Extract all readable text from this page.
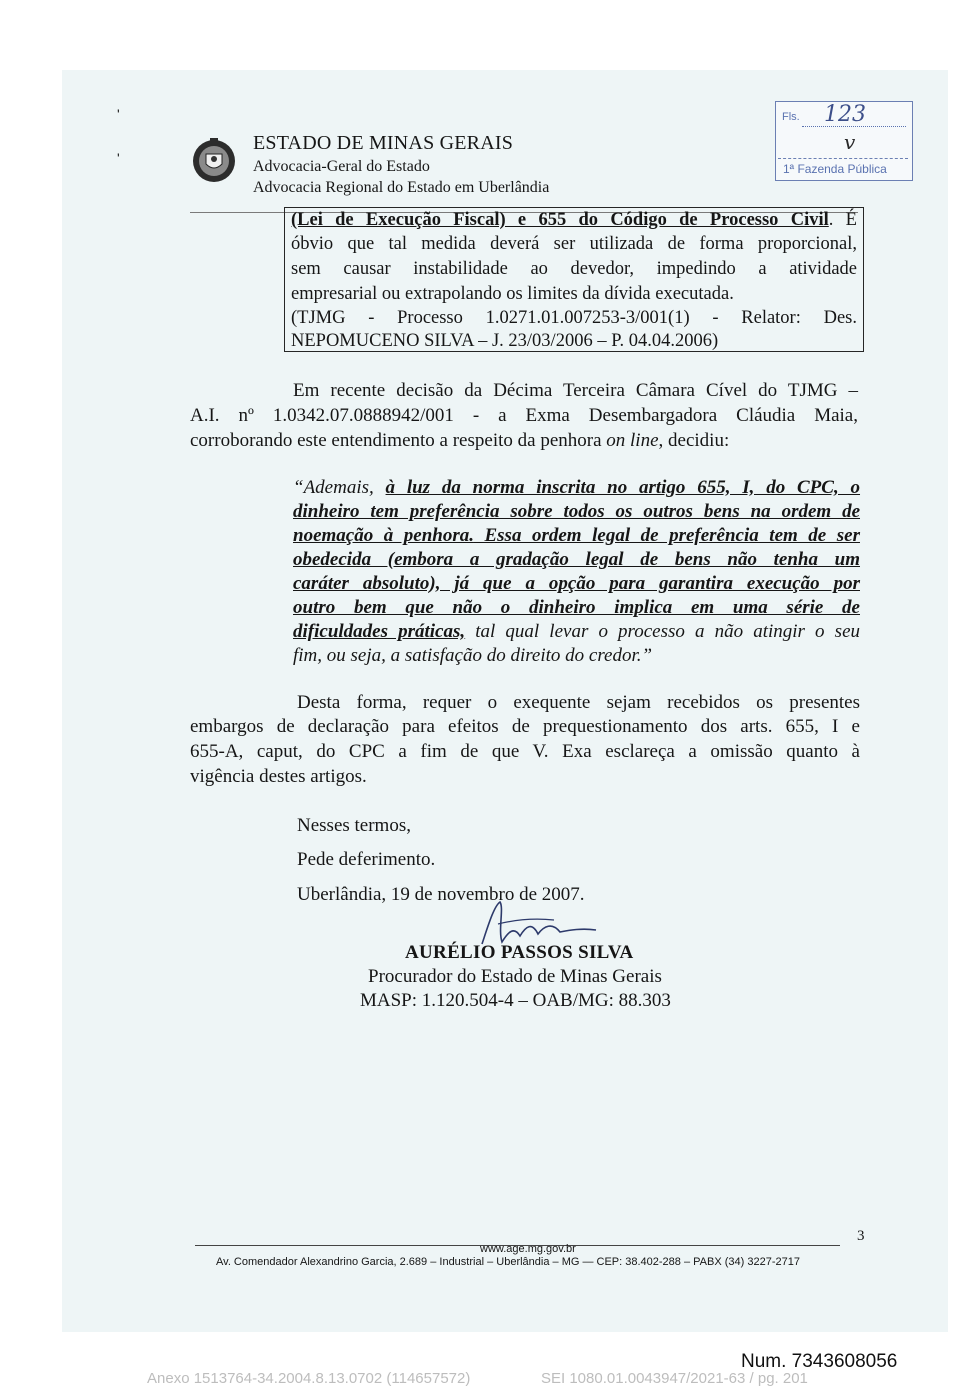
'
'
ESTADO DE MINAS GERAIS
Advocacia-Geral do Estado
Advocacia Regional do Estado em Uberlândia
Fls. 123
v
1ª Fazenda Pública
(Lei de Execução Fiscal) e 655 do Código de Processo Civil. É
óbvio que tal medida deverá ser utilizada de forma proporcional,
sem causar instabilidade ao devedor, impedindo a atividade
empresarial ou extrapolando os limites da dívida executada.
(TJMG - Processo 1.0271.01.007253-3/001(1) - Relator: Des.
NEPOMUCENO SILVA – J. 23/03/2006 – P. 04.04.2006)
Em recente decisão da Décima Terceira Câmara Cível do TJMG –
A.I. nº 1.0342.07.0888942/001 - a Exma Desembargadora Cláudia Maia,
corroborando este entendimento a respeito da penhora on line, decidiu:
“Ademais, à luz da norma inscrita no artigo 655, I, do CPC, o
dinheiro tem preferência sobre todos os outros bens na ordem de
noemação à penhora. Essa ordem legal de preferência tem de ser
obedecida (embora a gradação legal de bens não tenha um
caráter absoluto), já que a opção para garantira execução por
outro bem que não o dinheiro implica em uma série de
dificuldades práticas, tal qual levar o processo a não atingir o seu
fim, ou seja, a satisfação do direito do credor.”
Desta forma, requer o exequente sejam recebidos os presentes
embargos de declaração para efeitos de prequestionamento dos arts. 655, I e
655-A, caput, do CPC a fim de que V. Exa esclareça a omissão quanto à
vigência destes artigos.
Nesses termos,
Pede deferimento.
Uberlândia, 19 de novembro de 2007.
AURÉLIO PASSOS SILVA
Procurador do Estado de Minas Gerais
MASP: 1.120.504-4 – OAB/MG: 88.303
3
www.age.mg.gov.br
Av. Comendador Alexandrino Garcia, 2.689 – Industrial – Uberlândia – MG — CEP: 38.402-288 – PABX (34) 3227-2717
Num. 7343608056
Anexo 1513764-34.2004.8.13.0702 (114657572)	SEI 1080.01.0043947/2021-63 / pg. 201
